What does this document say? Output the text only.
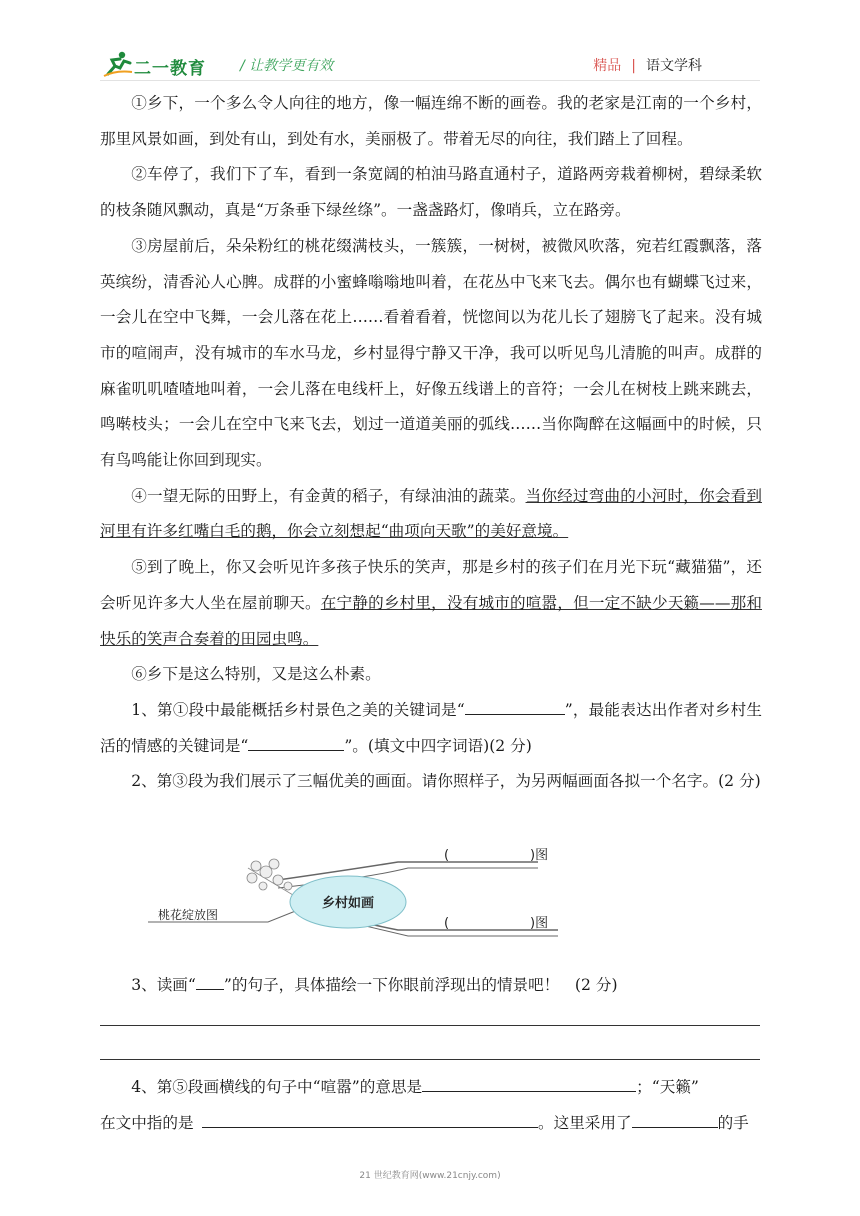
二一教育 / 让教学更有效	精品 | 语文学科

①乡下，一个多么令人向往的地方，像一幅连绵不断的画卷。我的老家是江南的一个乡村，那里风景如画，到处有山，到处有水，美丽极了。带着无尽的向往，我们踏上了回程。

②车停了，我们下了车，看到一条宽阔的柏油马路直通村子，道路两旁栽着柳树，碧绿柔软的枝条随风飘动，真是“万条垂下绿丝绦”。一盏盏路灯，像哨兵，立在路旁。

③房屋前后，朵朵粉红的桃花缀满枝头，一簇簇，一树树，被微风吹落，宛若红霞飘落，落英缤纷，清香沁人心脾。成群的小蜜蜂嗡嗡地叫着，在花丛中飞来飞去。偶尔也有蝴蝶飞过来，一会儿在空中飞舞，一会儿落在花上……看着看着，恍惚间以为花儿长了翅膀飞了起来。没有城市的喧闹声，没有城市的车水马龙，乡村显得宁静又干净，我可以听见鸟儿清脆的叫声。成群的麻雀叽叽喳喳地叫着，一会儿落在电线杆上，好像五线谱上的音符；一会儿在树枝上跳来跳去，鸣啭枝头；一会儿在空中飞来飞去，划过一道道美丽的弧线……当你陶醉在这幅画中的时候，只有鸟鸣能让你回到现实。

④一望无际的田野上，有金黄的稻子，有绿油油的蔬菜。当你经过弯曲的小河时，你会看到河里有许多红嘴白毛的鹅，你会立刻想起“曲项向天歌”的美好意境。

⑤到了晚上，你又会听见许多孩子快乐的笑声，那是乡村的孩子们在月光下玩“藏猫猫”，还会听见许多大人坐在屋前聊天。在宁静的乡村里，没有城市的喧嚣，但一定不缺少天籁——那和快乐的笑声合奏着的田园虫鸣。

⑥乡下是这么特别，又是这么朴素。

1、第①段中最能概括乡村景色之美的关键词是“	”，最能表达出作者对乡村生活的情感的关键词是“	”。(填文中四字词语)(2 分)

2、第③段为我们展示了三幅优美的画面。请你照样子，为另两幅画面各拟一个名字。(2 分)

乡村如画
桃花绽放图
(	)图
(	)图
3、读画“ ”的句子，具体描绘一下你眼前浮现出的情景吧！　(2 分)
4、第⑤段画横线的句子中“喧嚣”的意思是	；“天籁”
。这里采用了	的手
在文中指的是
21 世纪教育网(www.21cnjy.com)
